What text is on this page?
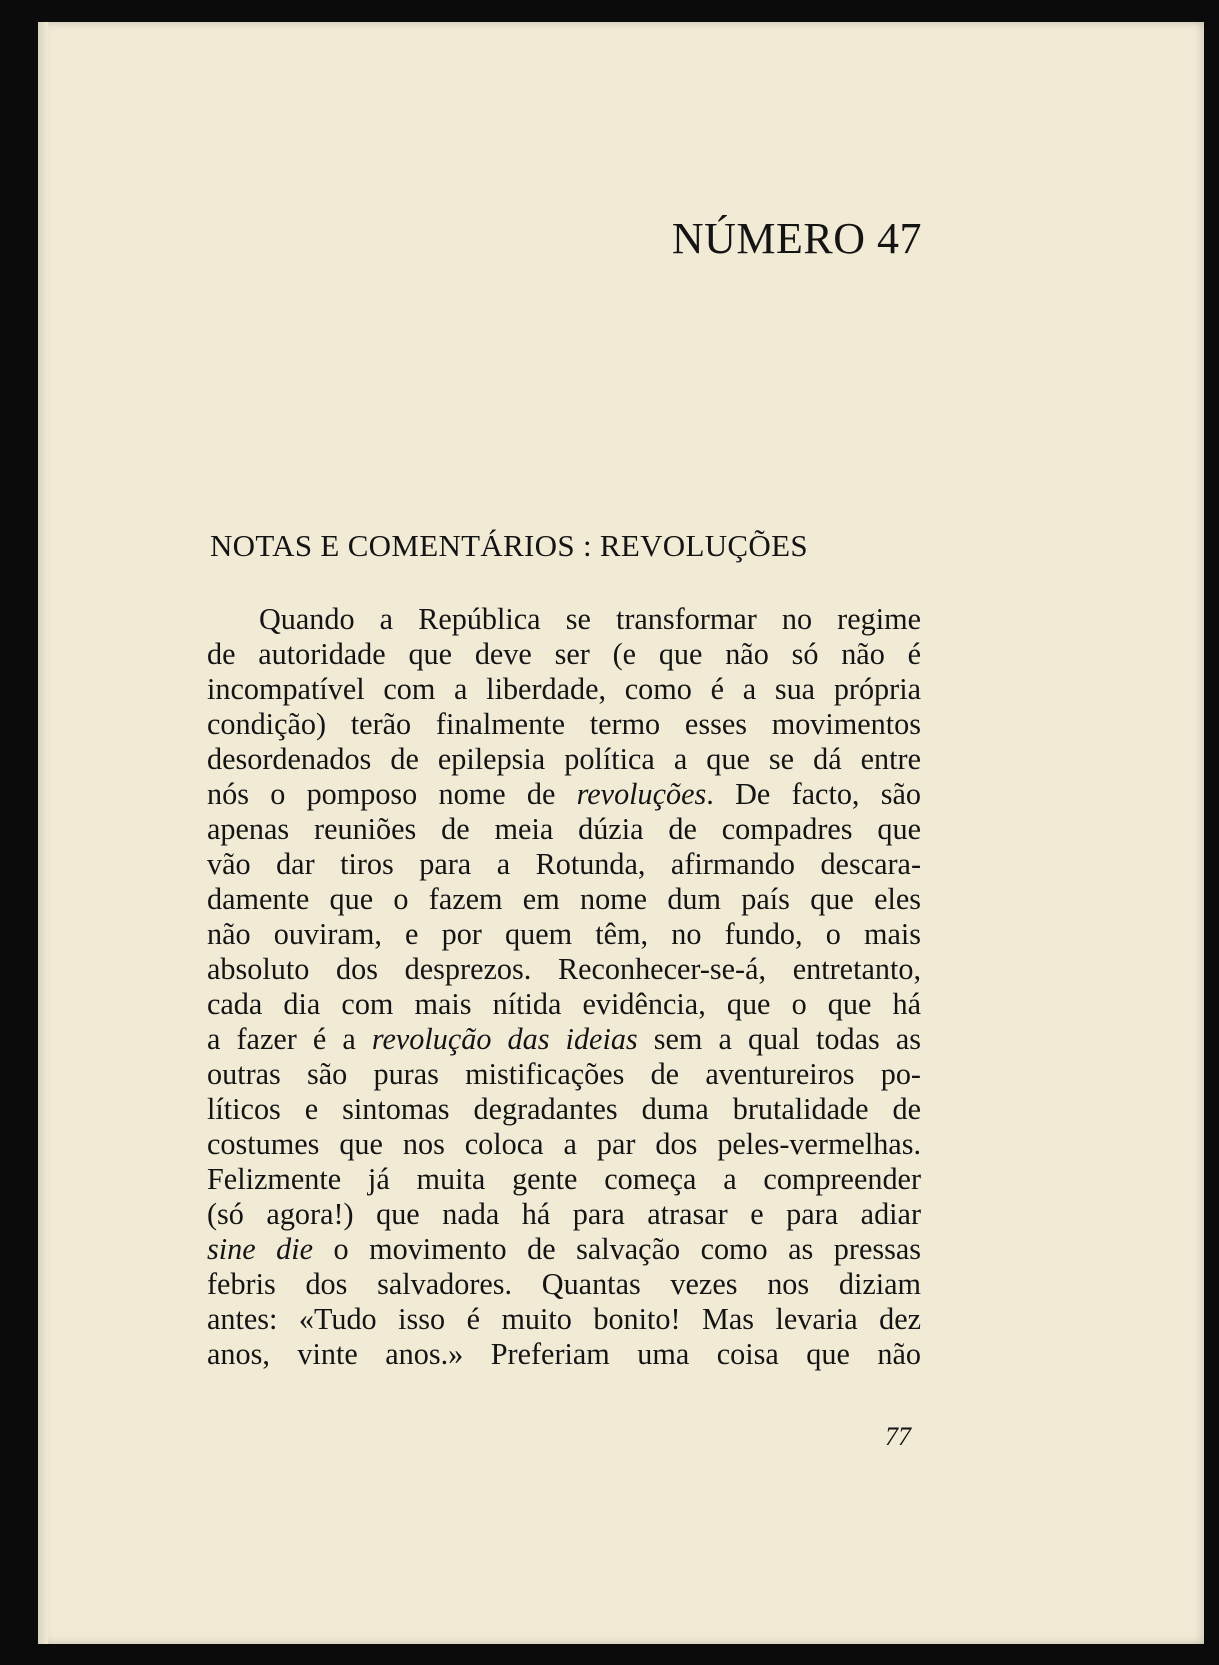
NÚMERO 47
NOTAS E COMENTÁRIOS : REVOLUÇÕES
Quando a República se transformar no regime
de autoridade que deve ser (e que não só não é
incompatível com a liberdade, como é a sua própria
condição) terão finalmente termo esses movimentos
desordenados de epilepsia política a que se dá entre
nós o pomposo nome de revoluções. De facto, são
apenas reuniões de meia dúzia de compadres que
vão dar tiros para a Rotunda, afirmando descara-
damente que o fazem em nome dum país que eles
não ouviram, e por quem têm, no fundo, o mais
absoluto dos desprezos. Reconhecer-se-á, entretanto,
cada dia com mais nítida evidência, que o que há
a fazer é a revolução das ideias sem a qual todas as
outras são puras mistificações de aventureiros po-
líticos e sintomas degradantes duma brutalidade de
costumes que nos coloca a par dos peles-vermelhas.
Felizmente já muita gente começa a compreender
(só agora!) que nada há para atrasar e para adiar
sine die o movimento de salvação como as pressas
febris dos salvadores. Quantas vezes nos diziam
antes: «Tudo isso é muito bonito! Mas levaria dez
anos, vinte anos.» Preferiam uma coisa que não
77
